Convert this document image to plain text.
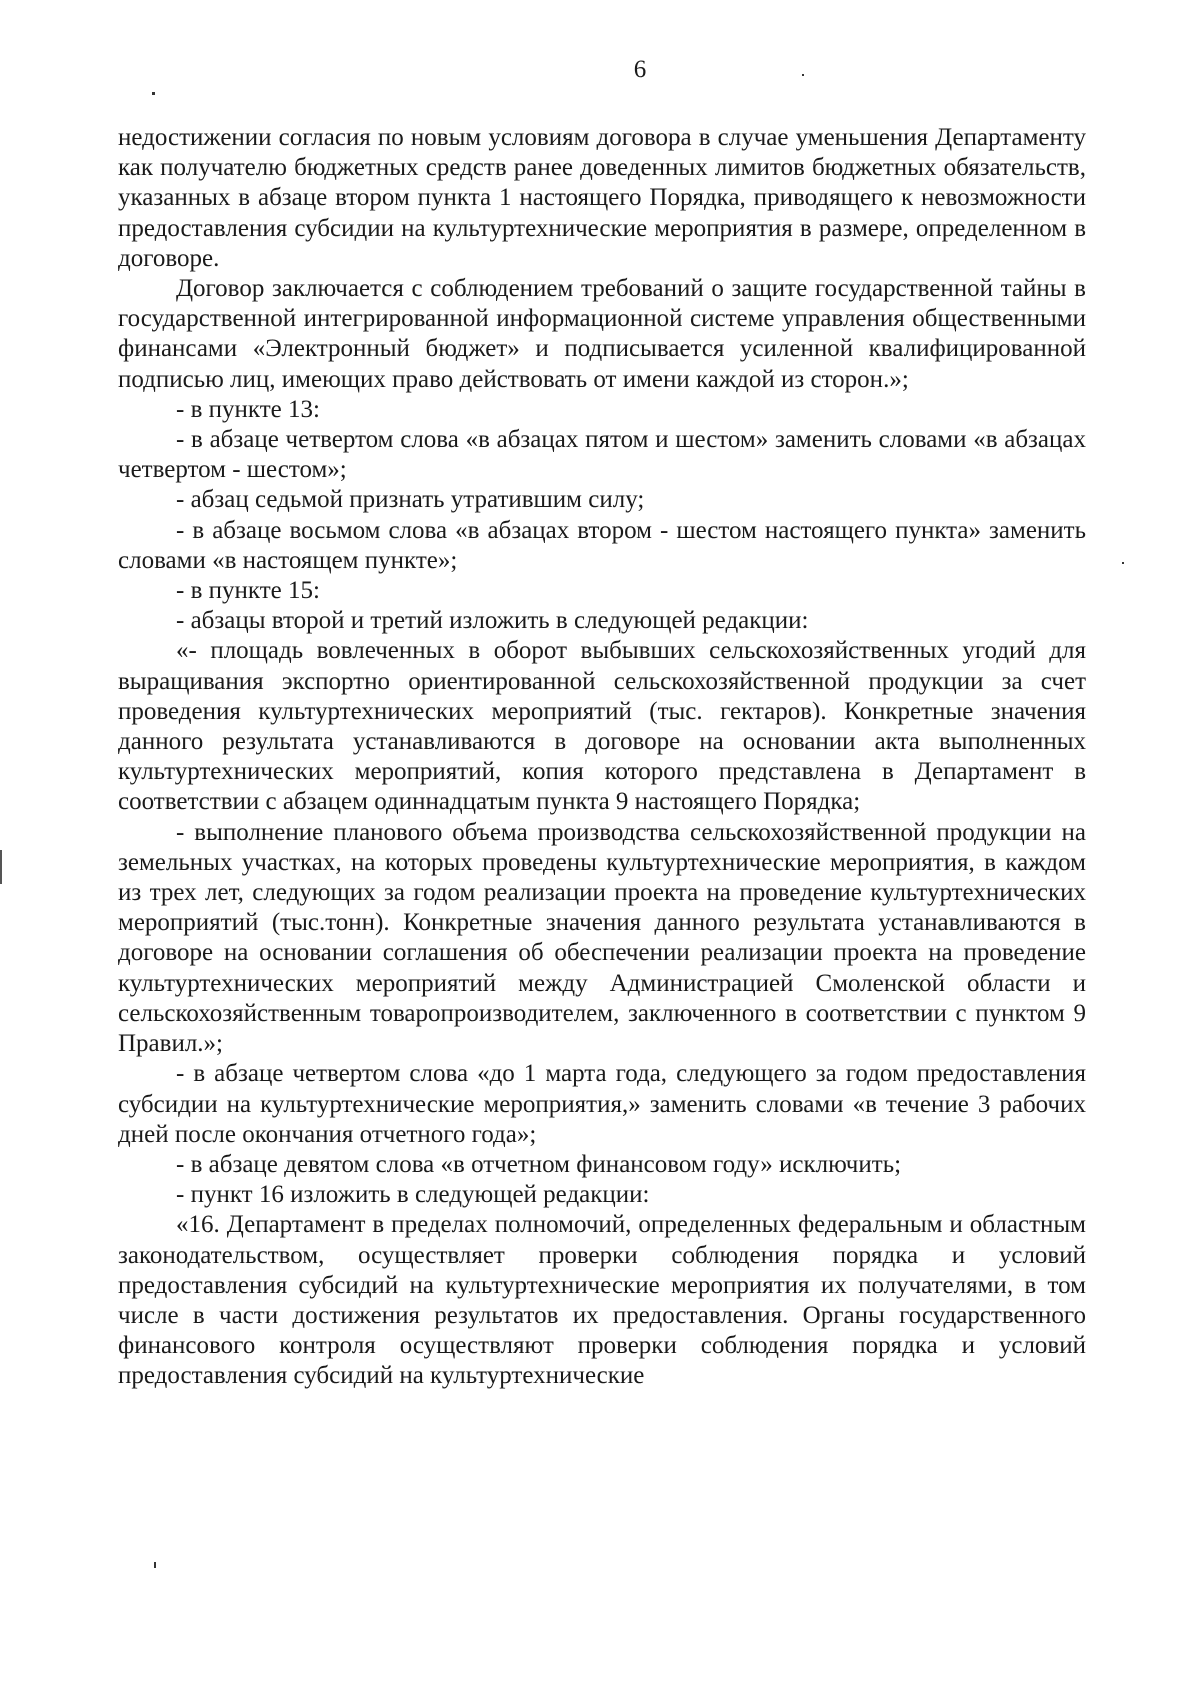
6

недостижении согласия по новым условиям договора в случае уменьшения Департаменту как получателю бюджетных средств ранее доведенных лимитов бюджетных обязательств, указанных в абзаце втором пункта 1 настоящего Порядка, приводящего к невозможности предоставления субсидии на культуртехнические мероприятия в размере, определенном в договоре.

Договор заключается с соблюдением требований о защите государственной тайны в государственной интегрированной информационной системе управления общественными финансами «Электронный бюджет» и подписывается усиленной квалифицированной подписью лиц, имеющих право действовать от имени каждой из сторон.»;

- в пункте 13:

- в абзаце четвертом слова «в абзацах пятом и шестом» заменить словами «в абзацах четвертом - шестом»;

- абзац седьмой признать утратившим силу;

- в абзаце восьмом слова «в абзацах втором - шестом настоящего пункта» заменить словами «в настоящем пункте»;

- в пункте 15:

- абзацы второй и третий изложить в следующей редакции:

«- площадь вовлеченных в оборот выбывших сельскохозяйственных угодий для выращивания экспортно ориентированной сельскохозяйственной продукции за счет проведения культуртехнических мероприятий (тыс. гектаров). Конкретные значения данного результата устанавливаются в договоре на основании акта выполненных культуртехнических мероприятий, копия которого представлена в Департамент в соответствии с абзацем одиннадцатым пункта 9 настоящего Порядка;

- выполнение планового объема производства сельскохозяйственной продукции на земельных участках, на которых проведены культуртехнические мероприятия, в каждом из трех лет, следующих за годом реализации проекта на проведение культуртехнических мероприятий (тыс.тонн). Конкретные значения данного результата устанавливаются в договоре на основании соглашения об обеспечении реализации проекта на проведение культуртехнических мероприятий между Администрацией Смоленской области и сельскохозяйственным товаропроизводителем, заключенного в соответствии с пунктом 9 Правил.»;

- в абзаце четвертом слова «до 1 марта года, следующего за годом предоставления субсидии на культуртехнические мероприятия,» заменить словами «в течение 3 рабочих дней после окончания отчетного года»;

- в абзаце девятом слова «в отчетном финансовом году» исключить;

- пункт 16 изложить в следующей редакции:

«16. Департамент в пределах полномочий, определенных федеральным и областным законодательством, осуществляет проверки соблюдения порядка и условий предоставления субсидий на культуртехнические мероприятия их получателями, в том числе в части достижения результатов их предоставления. Органы государственного финансового контроля осуществляют проверки соблюдения порядка и условий предоставления субсидий на культуртехнические
